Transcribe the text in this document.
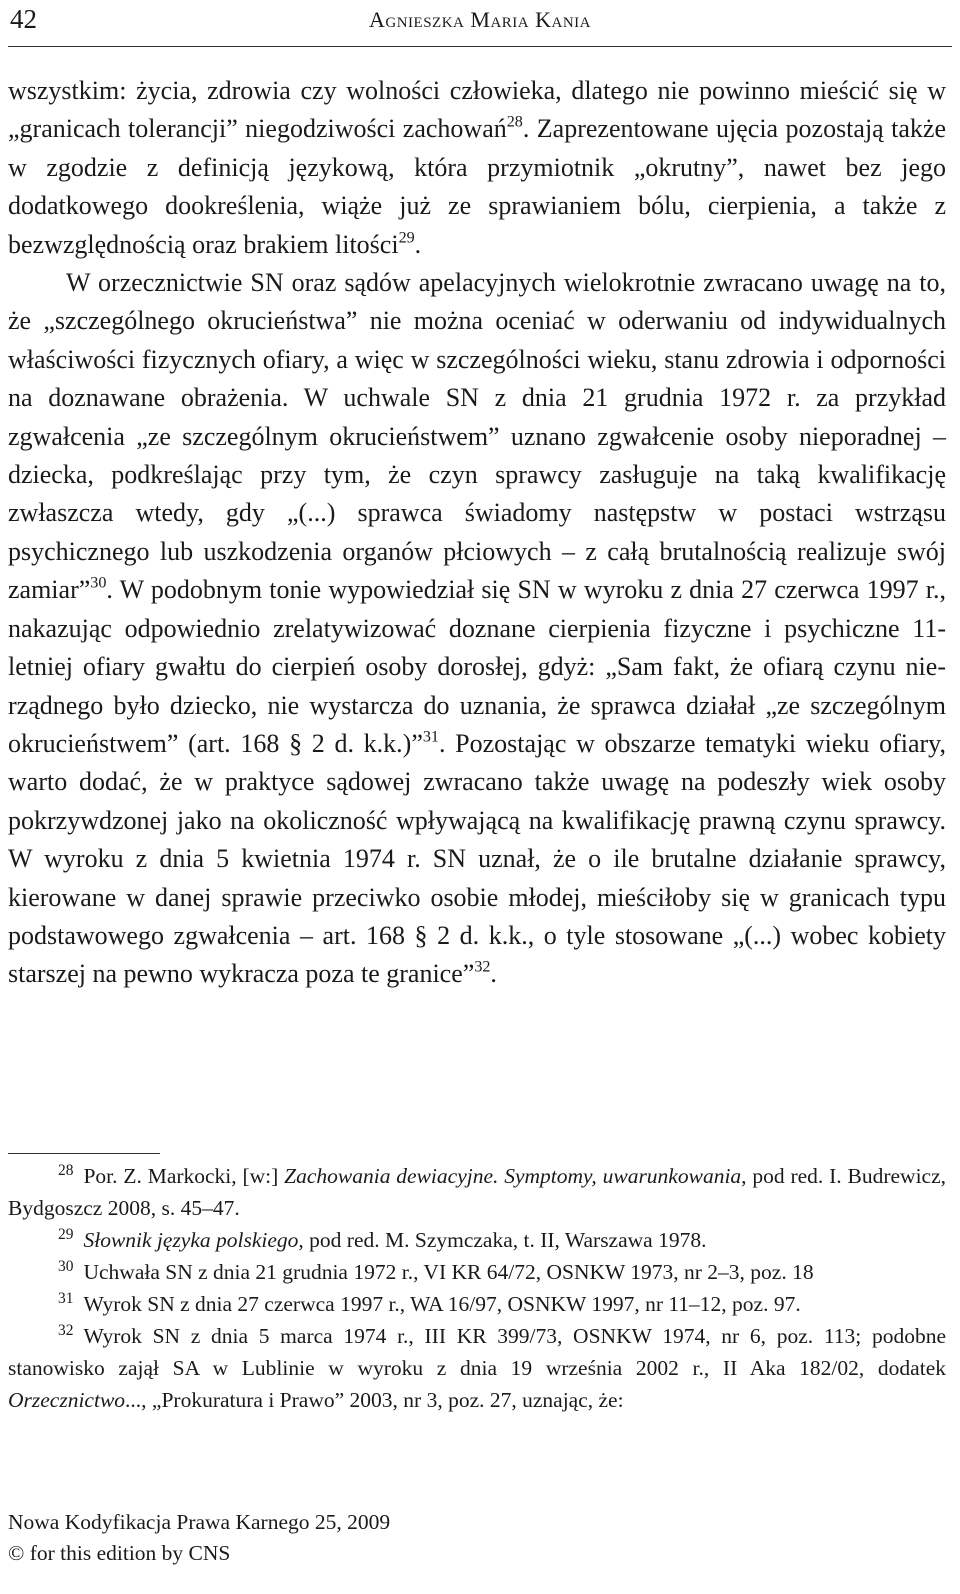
42	Agnieszka Maria Kania

wszystkim: życia, zdrowia czy wolności człowieka, dlatego nie powinno mieścić się w „granicach tolerancji” niegodziwości zachowań$^{28}$. Zaprezentowane ujęcia pozostają także w zgodzie z definicją językową, która przymiotnik „okrutny”, nawet bez jego dodatkowego dookreślenia, wiąże już ze sprawianiem bólu, cierpienia, a także z bezwzględnością oraz brakiem litości$^{29}$.

W orzecznictwie SN oraz sądów apelacyjnych wielokrotnie zwracano uwagę na to, że „szczególnego okrucieństwa” nie można oceniać w oderwaniu od indywidualnych właściwości fizycznych ofiary, a więc w szczególności wieku, stanu zdrowia i odporności na doznawane obrażenia. W uchwale SN z dnia 21 grudnia 1972 r. za przykład zgwałcenia „ze szczególnym okrucieństwem” uznano zgwałcenie osoby nieporadnej – dziecka, podkreślając przy tym, że czyn sprawcy zasługuje na taką kwalifikację zwłaszcza wtedy, gdy „(...) sprawca świadomy następstw w postaci wstrząsu psychicznego lub uszkodzenia organów płciowych – z całą brutalnością realizuje swój zamiar”$^{30}$. W podobnym tonie wypowiedział się SN w wyroku z dnia 27 czerwca 1997 r., nakazując odpowiednio zrelatywizować doznane cierpienia fizyczne i psychiczne 11-letniej ofiary gwałtu do cierpień osoby dorosłej, gdyż: „Sam fakt, że ofiarą czynu nierządnego było dziecko, nie wystarcza do uznania, że sprawca działał „ze szczególnym okrucieństwem” (art. 168 § 2 d. k.k.)”$^{31}$. Pozostając w obszarze tematyki wieku ofiary, warto dodać, że w praktyce sądowej zwracano także uwagę na podeszły wiek osoby pokrzywdzonej jako na okoliczność wpływającą na kwalifikację prawną czynu sprawcy. W wyroku z dnia 5 kwietnia 1974 r. SN uznał, że o ile brutalne działanie sprawcy, kierowane w danej sprawie przeciwko osobie młodej, mieściłoby się w granicach typu podstawowego zgwałcenia – art. 168 § 2 d. k.k., o tyle stosowane „(...) wobec kobiety starszej na pewno wykracza poza te granice”$^{32}$.

$^{28}$ Por. Z. Markocki, [w:] Zachowania dewiacyjne. Symptomy, uwarunkowania, pod red. I. Budrewicz, Bydgoszcz 2008, s. 45–47.

$^{29}$ Słownik języka polskiego, pod red. M. Szymczaka, t. II, Warszawa 1978.

$^{30}$ Uchwała SN z dnia 21 grudnia 1972 r., VI KR 64/72, OSNKW 1973, nr 2–3, poz. 18

$^{31}$ Wyrok SN z dnia 27 czerwca 1997 r., WA 16/97, OSNKW 1997, nr 11–12, poz. 97.

$^{32}$ Wyrok SN z dnia 5 marca 1974 r., III KR 399/73, OSNKW 1974, nr 6, poz. 113; podobne stanowisko zajął SA w Lublinie w wyroku z dnia 19 września 2002 r., II Aka 182/02, dodatek Orzecznictwo..., „Prokuratura i Prawo” 2003, nr 3, poz. 27, uznając, że:

Nowa Kodyfikacja Prawa Karnego 25, 2009
© for this edition by CNS
